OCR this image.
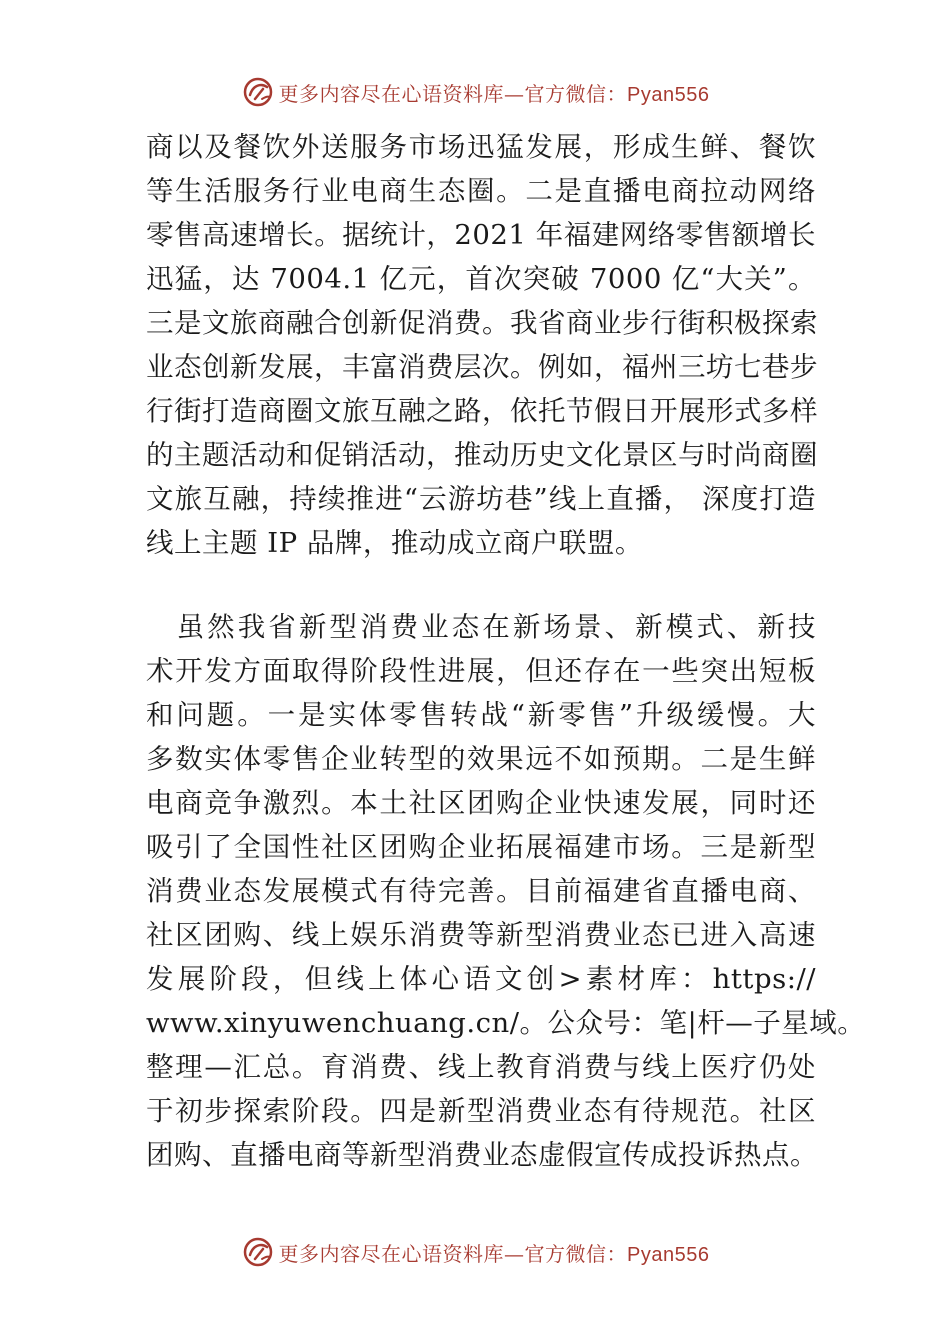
更多内容尽在心语资料库—官方微信：Pyan556
商以及餐饮外送服务市场迅猛发展，形成生鲜、餐饮
等生活服务行业电商生态圈。二是直播电商拉动网络
零售高速增长。据统计，2021 年福建网络零售额增长
迅猛，达 7004.1 亿元，首次突破 7000 亿“大关”。
三是文旅商融合创新促消费。我省商业步行街积极探索
业态创新发展，丰富消费层次。例如，福州三坊七巷步
行街打造商圈文旅互融之路，依托节假日开展形式多样
的主题活动和促销活动，推动历史文化景区与时尚商圈
文旅互融，持续推进“云游坊巷”线上直播， 深度打造
线上主题 IP 品牌，推动成立商户联盟。
　虽然我省新型消费业态在新场景、新模式、新技
术开发方面取得阶段性进展，但还存在一些突出短板
和问题。一是实体零售转战“新零售”升级缓慢。大
多数实体零售企业转型的效果远不如预期。二是生鲜
电商竞争激烈。本土社区团购企业快速发展，同时还
吸引了全国性社区团购企业拓展福建市场。三是新型
消费业态发展模式有待完善。目前福建省直播电商、
社区团购、线上娱乐消费等新型消费业态已进入高速
发展阶段，但线上体心语文创>素材库：https://
www.xinyuwenchuang.cn/。公众号：笔|杆—子星域。
整理—汇总。育消费、线上教育消费与线上医疗仍处
于初步探索阶段。四是新型消费业态有待规范。社区
团购、直播电商等新型消费业态虚假宣传成投诉热点。
更多内容尽在心语资料库—官方微信：Pyan556
